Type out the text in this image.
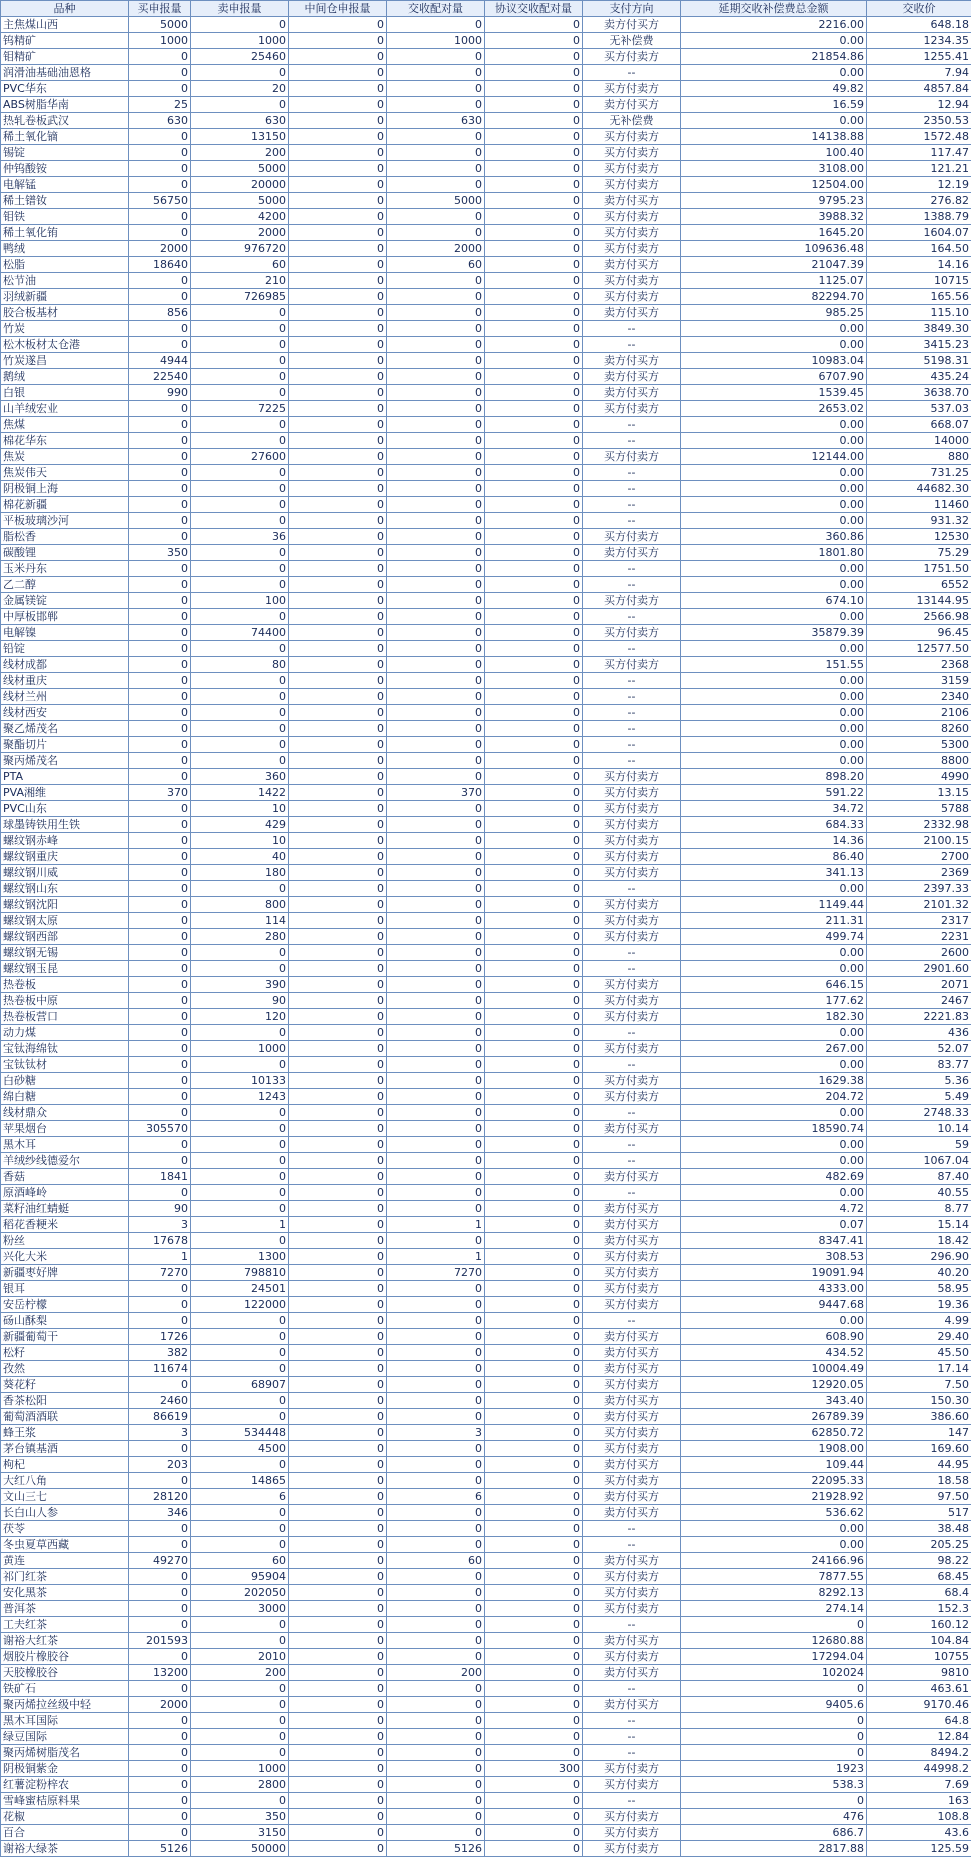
品种	买申报量	卖申报量	中间仓申报量	交收配对量	协议交收配对量	支付方向	延期交收补偿费总金额	交收价
主焦煤山西	5000	0	0	0	0	卖方付买方	2216.00	648.18
钨精矿	1000	1000	0	1000	0	无补偿费	0.00	1234.35
钼精矿	0	25460	0	0	0	买方付卖方	21854.86	1255.41
润滑油基础油恩格	0	0	0	0	0	--	0.00	7.94
PVC华东	0	20	0	0	0	买方付卖方	49.82	4857.84
ABS树脂华南	25	0	0	0	0	卖方付买方	16.59	12.94
热轧卷板武汉	630	630	0	630	0	无补偿费	0.00	2350.53
稀土氧化镝	0	13150	0	0	0	买方付卖方	14138.88	1572.48
锡锭	0	200	0	0	0	买方付卖方	100.40	117.47
仲钨酸铵	0	5000	0	0	0	买方付卖方	3108.00	121.21
电解锰	0	20000	0	0	0	买方付卖方	12504.00	12.19
稀土镨钕	56750	5000	0	5000	0	卖方付买方	9795.23	276.82
钼铁	0	4200	0	0	0	买方付卖方	3988.32	1388.79
稀土氧化铕	0	2000	0	0	0	买方付卖方	1645.20	1604.07
鸭绒	2000	976720	0	2000	0	买方付卖方	109636.48	164.50
松脂	18640	60	0	60	0	卖方付买方	21047.39	14.16
松节油	0	210	0	0	0	买方付卖方	1125.07	10715
羽绒新疆	0	726985	0	0	0	买方付卖方	82294.70	165.56
胶合板基材	856	0	0	0	0	卖方付买方	985.25	115.10
竹炭	0	0	0	0	0	--	0.00	3849.30
松木板材太仓港	0	0	0	0	0	--	0.00	3415.23
竹炭遂昌	4944	0	0	0	0	卖方付买方	10983.04	5198.31
鹅绒	22540	0	0	0	0	卖方付买方	6707.90	435.24
白银	990	0	0	0	0	卖方付买方	1539.45	3638.70
山羊绒宏业	0	7225	0	0	0	买方付卖方	2653.02	537.03
焦煤	0	0	0	0	0	--	0.00	668.07
棉花华东	0	0	0	0	0	--	0.00	14000
焦炭	0	27600	0	0	0	买方付卖方	12144.00	880
焦炭伟天	0	0	0	0	0	--	0.00	731.25
阴极铜上海	0	0	0	0	0	--	0.00	44682.30
棉花新疆	0	0	0	0	0	--	0.00	11460
平板玻璃沙河	0	0	0	0	0	--	0.00	931.32
脂松香	0	36	0	0	0	买方付卖方	360.86	12530
碳酸锂	350	0	0	0	0	卖方付买方	1801.80	75.29
玉米丹东	0	0	0	0	0	--	0.00	1751.50
乙二醇	0	0	0	0	0	--	0.00	6552
金属镁锭	0	100	0	0	0	买方付卖方	674.10	13144.95
中厚板邯郸	0	0	0	0	0	--	0.00	2566.98
电解镍	0	74400	0	0	0	买方付卖方	35879.39	96.45
铅锭	0	0	0	0	0	--	0.00	12577.50
线材成都	0	80	0	0	0	买方付卖方	151.55	2368
线材重庆	0	0	0	0	0	--	0.00	3159
线材兰州	0	0	0	0	0	--	0.00	2340
线材西安	0	0	0	0	0	--	0.00	2106
聚乙烯茂名	0	0	0	0	0	--	0.00	8260
聚酯切片	0	0	0	0	0	--	0.00	5300
聚丙烯茂名	0	0	0	0	0	--	0.00	8800
PTA	0	360	0	0	0	买方付卖方	898.20	4990
PVA湘维	370	1422	0	370	0	买方付卖方	591.22	13.15
PVC山东	0	10	0	0	0	买方付卖方	34.72	5788
球墨铸铁用生铁	0	429	0	0	0	买方付卖方	684.33	2332.98
螺纹钢赤峰	0	10	0	0	0	买方付卖方	14.36	2100.15
螺纹钢重庆	0	40	0	0	0	买方付卖方	86.40	2700
螺纹钢川威	0	180	0	0	0	买方付卖方	341.13	2369
螺纹钢山东	0	0	0	0	0	--	0.00	2397.33
螺纹钢沈阳	0	800	0	0	0	买方付卖方	1149.44	2101.32
螺纹钢太原	0	114	0	0	0	买方付卖方	211.31	2317
螺纹钢西部	0	280	0	0	0	买方付卖方	499.74	2231
螺纹钢无锡	0	0	0	0	0	--	0.00	2600
螺纹钢玉昆	0	0	0	0	0	--	0.00	2901.60
热卷板	0	390	0	0	0	买方付卖方	646.15	2071
热卷板中原	0	90	0	0	0	买方付卖方	177.62	2467
热卷板营口	0	120	0	0	0	买方付卖方	182.30	2221.83
动力煤	0	0	0	0	0	--	0.00	436
宝钛海绵钛	0	1000	0	0	0	买方付卖方	267.00	52.07
宝钛钛材	0	0	0	0	0	--	0.00	83.77
白砂糖	0	10133	0	0	0	买方付卖方	1629.38	5.36
绵白糖	0	1243	0	0	0	买方付卖方	204.72	5.49
线材鼎众	0	0	0	0	0	--	0.00	2748.33
苹果烟台	305570	0	0	0	0	卖方付买方	18590.74	10.14
黑木耳	0	0	0	0	0	--	0.00	59
羊绒纱线德爱尔	0	0	0	0	0	--	0.00	1067.04
香菇	1841	0	0	0	0	卖方付买方	482.69	87.40
原酒峰岭	0	0	0	0	0	--	0.00	40.55
菜籽油红蜻蜓	90	0	0	0	0	卖方付买方	4.72	8.77
稻花香粳米	3	1	0	1	0	卖方付买方	0.07	15.14
粉丝	17678	0	0	0	0	卖方付买方	8347.41	18.42
兴化大米	1	1300	0	1	0	买方付卖方	308.53	296.90
新疆枣好牌	7270	798810	0	7270	0	买方付卖方	19091.94	40.20
银耳	0	24501	0	0	0	买方付卖方	4333.00	58.95
安岳柠檬	0	122000	0	0	0	买方付卖方	9447.68	19.36
砀山酥梨	0	0	0	0	0	--	0.00	4.99
新疆葡萄干	1726	0	0	0	0	卖方付买方	608.90	29.40
松籽	382	0	0	0	0	卖方付买方	434.52	45.50
孜然	11674	0	0	0	0	卖方付买方	10004.49	17.14
葵花籽	0	68907	0	0	0	买方付卖方	12920.05	7.50
香茶松阳	2460	0	0	0	0	卖方付买方	343.40	150.30
葡萄酒酒联	86619	0	0	0	0	卖方付买方	26789.39	386.60
蜂王浆	3	534448	0	3	0	买方付卖方	62850.72	147
茅台镇基酒	0	4500	0	0	0	买方付卖方	1908.00	169.60
枸杞	203	0	0	0	0	卖方付买方	109.44	44.95
大红八角	0	14865	0	0	0	买方付卖方	22095.33	18.58
文山三七	28120	6	0	6	0	卖方付买方	21928.92	97.50
长白山人参	346	0	0	0	0	卖方付买方	536.62	517
茯苓	0	0	0	0	0	--	0.00	38.48
冬虫夏草西藏	0	0	0	0	0	--	0.00	205.25
黄连	49270	60	0	60	0	卖方付买方	24166.96	98.22
祁门红茶	0	95904	0	0	0	买方付卖方	7877.55	68.45
安化黑茶	0	202050	0	0	0	买方付卖方	8292.13	68.4
普洱茶	0	3000	0	0	0	买方付卖方	274.14	152.3
工夫红茶	0	0	0	0	0	--	0	160.12
谢裕大红茶	201593	0	0	0	0	卖方付买方	12680.88	104.84
烟胶片橡胶谷	0	2010	0	0	0	买方付卖方	17294.04	10755
天胶橡胶谷	13200	200	0	200	0	卖方付买方	102024	9810
铁矿石	0	0	0	0	0	--	0	463.61
聚丙烯拉丝级中轻	2000	0	0	0	0	卖方付买方	9405.6	9170.46
黑木耳国际	0	0	0	0	0	--	0	64.8
绿豆国际	0	0	0	0	0	--	0	12.84
聚丙烯树脂茂名	0	0	0	0	0	--	0	8494.2
阴极铜紫金	0	1000	0	0	300	买方付卖方	1923	44998.2
红薯淀粉梓农	0	2800	0	0	0	买方付卖方	538.3	7.69
雪峰蜜桔原料果	0	0	0	0	0	--	0	163
花椒	0	350	0	0	0	买方付卖方	476	108.8
百合	0	3150	0	0	0	买方付卖方	686.7	43.6
谢裕大绿茶	5126	50000	0	5126	0	买方付卖方	2817.88	125.59
